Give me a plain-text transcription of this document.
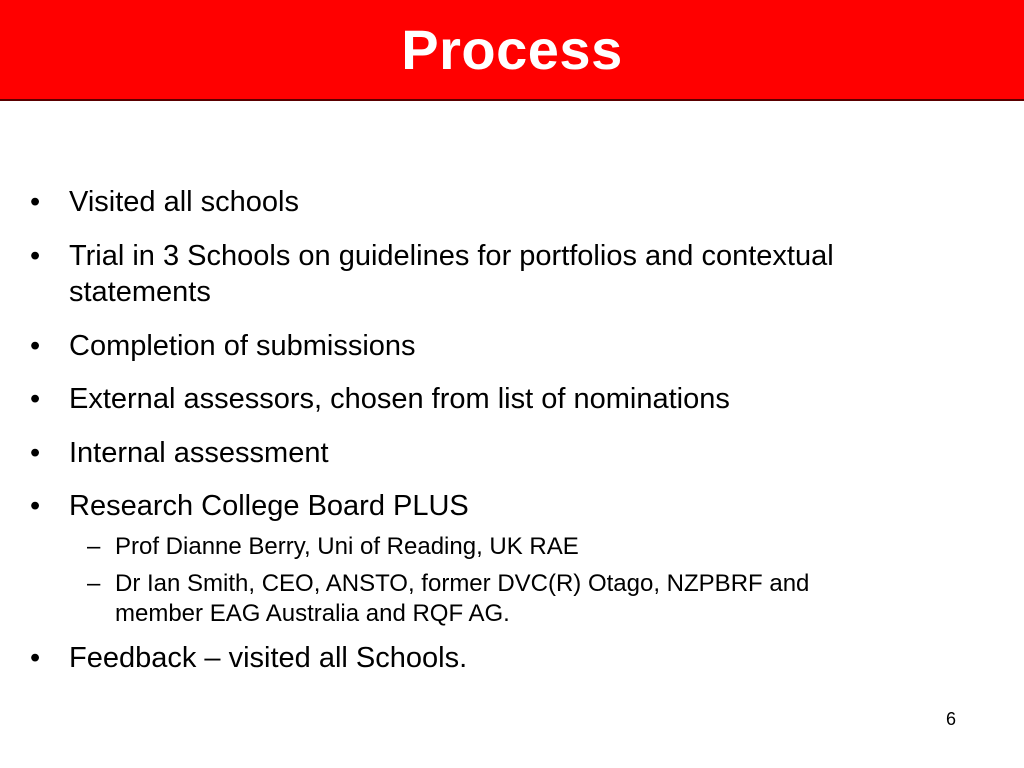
Process
• Visited all schools
• Trial in 3 Schools on guidelines for portfolios and contextual statements
• Completion of submissions
• External assessors, chosen from list of nominations
• Internal assessment
• Research College Board PLUS
– Prof Dianne Berry, Uni of Reading, UK RAE
– Dr Ian Smith, CEO, ANSTO, former DVC(R) Otago, NZPBRF and member EAG Australia and RQF AG.
• Feedback – visited all Schools.
6
